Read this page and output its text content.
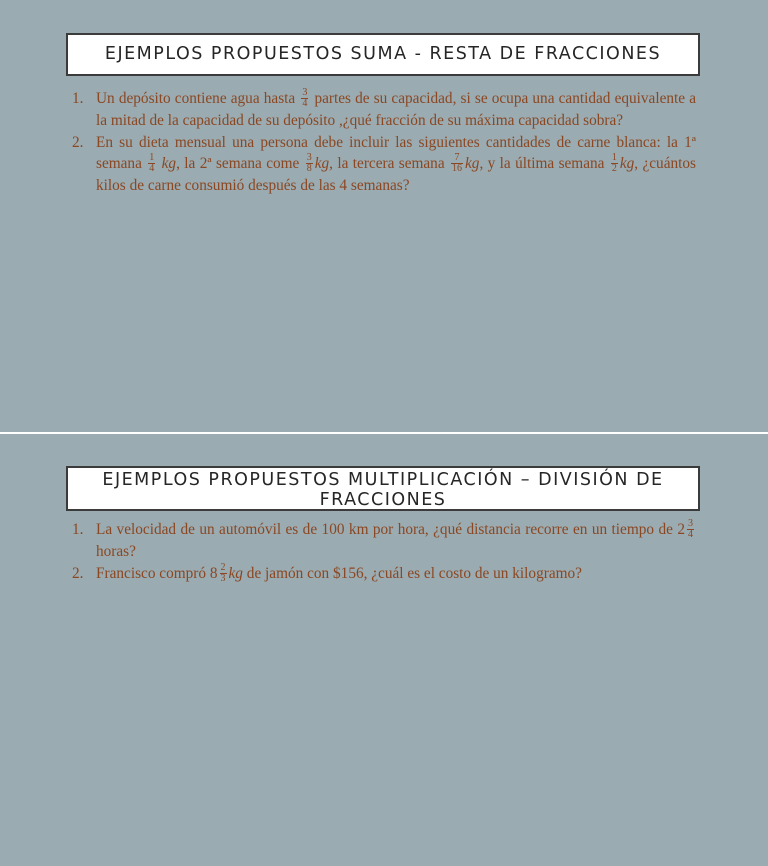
EJEMPLOS PROPUESTOS SUMA - RESTA DE FRACCIONES
1. Un depósito contiene agua hasta $\frac{3}{4}$ partes de su capacidad, si se ocupa una cantidad equivalente a la mitad de la capacidad de su depósito ,¿qué fracción de su máxima capacidad sobra?
2. En su dieta mensual una persona debe incluir las siguientes cantidades de carne blanca: la 1ª semana $\frac{1}{4}$ kg, la 2ª semana come $\frac{3}{8}$ kg, la tercera semana $\frac{7}{16}$ kg, y la última semana $\frac{1}{2}$ kg, ¿cuántos kilos de carne consumió después de las 4 semanas?
EJEMPLOS PROPUESTOS MULTIPLICACIÓN – DIVISIÓN DE
FRACCIONES
1. La velocidad de un automóvil es de 100 km por hora, ¿qué distancia recorre en un tiempo de $2 \frac{3}{4}$
horas?
2. Francisco compró $8 \frac{2}{3}$ kg de jamón con $156, ¿cuál es el costo de un kilogramo?
